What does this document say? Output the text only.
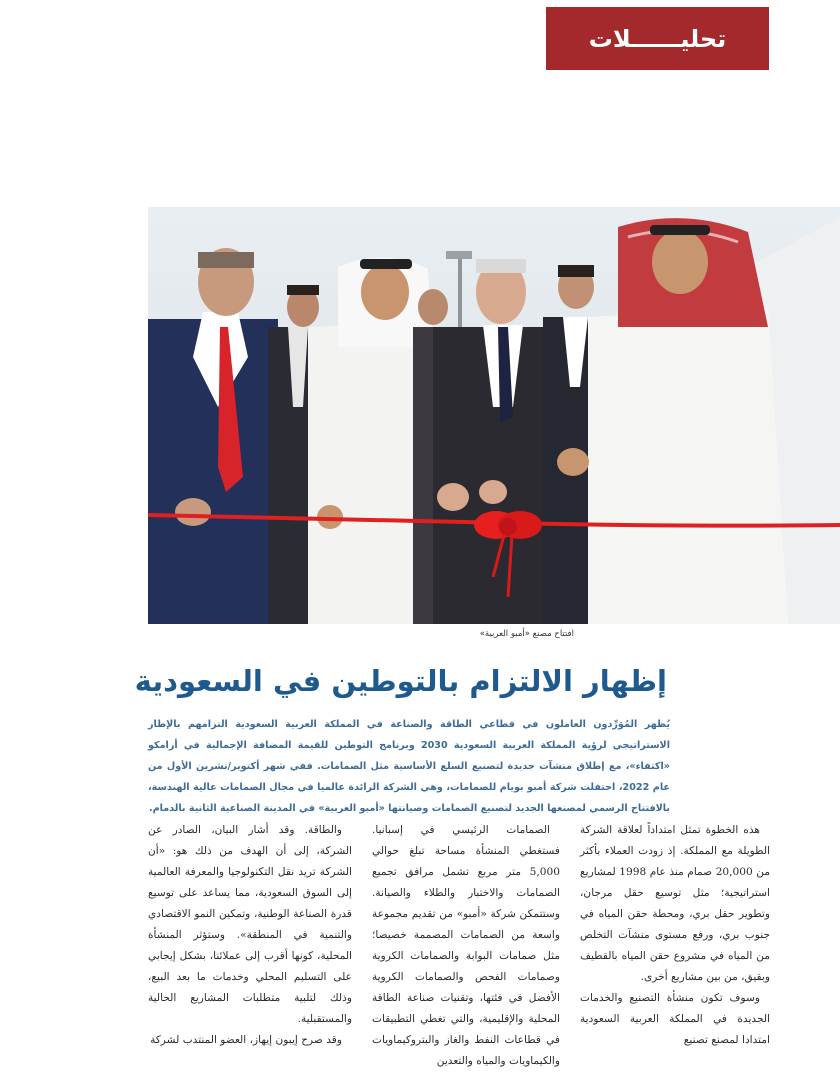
تحليــــــلات
افتتاح مصنع «أمبو العربية»
إظهار الالتزام بالتوطين في السعودية
يُظهر المُوَرِّدون العاملون في قطاعي الطاقة والصناعة في المملكة العربية السعودية التزامهم بالإطار الاستراتيجي لرؤية المملكة العربية السعودية 2030 وبرنامج التوطين للقيمة المضافة الإجمالية في أرامكو «اكتفاء»، مع إطلاق منشآت جديدة لتصنيع السلع الأساسية مثل الصمامات. ففي شهر أكتوبر/تشرين الأول من عام 2022، احتفلت شركة أمبو بويام للصمامات، وهي الشركة الرائدة عالميا في مجال الصمامات عالية الهندسة، بالافتتاح الرسمي لمصنعها الجديد لتصنيع الصمامات وصيانتها «أمبو العربية» في المدينة الصناعية الثانية بالدمام.

هذه الخطوة تمثل امتداداً لعلاقة الشركة الطويلة مع المملكة. إذ زودت العملاء بأكثر من 20,000 صمام منذ عام 1998 لمشاريع استراتيجية؛ مثل توسيع حقل مرجان، وتطوير حقل بري، ومحطة حقن المياه في جنوب بري، ورفع مستوى منشآت التخلص من المياه في مشروع حقن المياه بالقطيف وبقيق، من بين مشاريع أخرى.

وسوف تكون منشأة التصنيع والخدمات الجديدة في المملكة العربية السعودية امتدادا لمصنع تصنيع

الصمامات الرئيسي في إسبانيا. فستغطي المنشأة مساحة تبلغ حوالي 5,000 متر مربع تشمل مرافق تجميع الصمامات والاختبار والطلاء والصيانة. وستتمكن شركة «أمبو» من تقديم مجموعة واسعة من الصمامات المصممة خصيصا؛ مثل صمامات البوابة والصمامات الكروية وصمامات الفحص والصمامات الكروية الأفضل في فئتها، وتقنيات صناعة الطاقة المحلية والإقليمية، والتي تغطي التطبيقات في قطاعات النفط والغاز والبتروكيماويات والكيماويات والمياه والتعدين

والطاقة. وقد أشار البيان، الصادر عن الشركة، إلى أن الهدف من ذلك هو: «أن الشركة تريد نقل التكنولوجيا والمعرفة العالمية إلى السوق السعودية، مما يساعد على توسيع قدرة الصناعة الوطنية، وتمكين النمو الاقتصادي والتنمية في المنطقة». وستؤثر المنشأة المحلية، كونها أقرب إلى عملائنا، بشكل إيجابي على التسليم المحلي وخدمات ما بعد البيع، وذلك لتلبية متطلبات المشاريع الحالية والمستقبلية.

وقد صرح إيبون إيهاز، العضو المنتدب لشركة
